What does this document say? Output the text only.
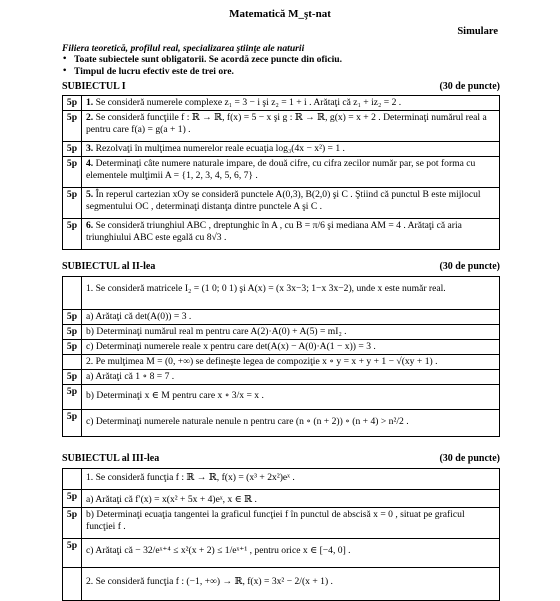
Matematică M_şt-nat
Simulare
Filiera teoretică, profilul real, specializarea ştiinţe ale naturii
• Toate subiectele sunt obligatorii. Se acordă zece puncte din oficiu.
• Timpul de lucru efectiv este de trei ore.
SUBIECTUL I	(30 de puncte)
5p	1. Se consideră numerele complexe z₁ = 3 − i şi z₂ = 1 + i . Arătaţi că z₁ + iz₂ = 2 .
5p	2. Se consideră funcţiile f : ℝ → ℝ, f(x) = 5 − x şi g : ℝ → ℝ, g(x) = x + 2 . Determinaţi numărul real a pentru care f(a) = g(a + 1) .
5p	3. Rezolvaţi în mulţimea numerelor reale ecuaţia log₃(4x − x²) = 1 .
5p	4. Determinaţi câte numere naturale impare, de două cifre, cu cifra zecilor număr par, se pot forma cu elementele mulţimii A = {1, 2, 3, 4, 5, 6, 7} .
5p	5. În reperul cartezian xOy se consideră punctele A(0,3), B(2,0) şi C . Ştiind că punctul B este mijlocul segmentului OC , determinaţi distanţa dintre punctele A şi C .
5p	6. Se consideră triunghiul ABC , dreptunghic în A , cu B = π/6 şi mediana AM = 4 . Arătaţi că aria triunghiului ABC este egală cu 8√3 .
SUBIECTUL al II-lea	(30 de puncte)
	1. Se consideră matricele I₂ = (1 0; 0 1) şi A(x) = (x 3x−3; 1−x 3x−2), unde x este număr real.
5p	a) Arătaţi că det(A(0)) = 3 .
5p	b) Determinaţi numărul real m pentru care A(2)·A(0) + A(5) = mI₂ .
5p	c) Determinaţi numerele reale x pentru care det(A(x) − A(0)·A(1 − x)) = 3 .
	2. Pe mulţimea M = (0, +∞) se defineşte legea de compoziţie x ∘ y = x + y + 1 − √(xy + 1) .
5p	a) Arătaţi că 1 ∘ 8 = 7 .
5p	b) Determinaţi x ∈ M pentru care x ∘ 3/x = x .
5p	c) Determinaţi numerele naturale nenule n pentru care (n ∘ (n + 2)) ∘ (n + 4) > n²/2 .
SUBIECTUL al III-lea	(30 de puncte)
	1. Se consideră funcţia f : ℝ → ℝ, f(x) = (x³ + 2x²)eˣ .
5p	a) Arătaţi că f′(x) = x(x² + 5x + 4)eˣ, x ∈ ℝ .
5p	b) Determinaţi ecuaţia tangentei la graficul funcţiei f în punctul de abscisă x = 0 , situat pe graficul funcţiei f .
5p	c) Arătaţi că − 32/eˣ⁺⁴ ≤ x²(x + 2) ≤ 1/eˣ⁺¹ , pentru orice x ∈ [−4, 0] .
	2. Se consideră funcţia f : (−1, +∞) → ℝ, f(x) = 3x² − 2/(x + 1) .
